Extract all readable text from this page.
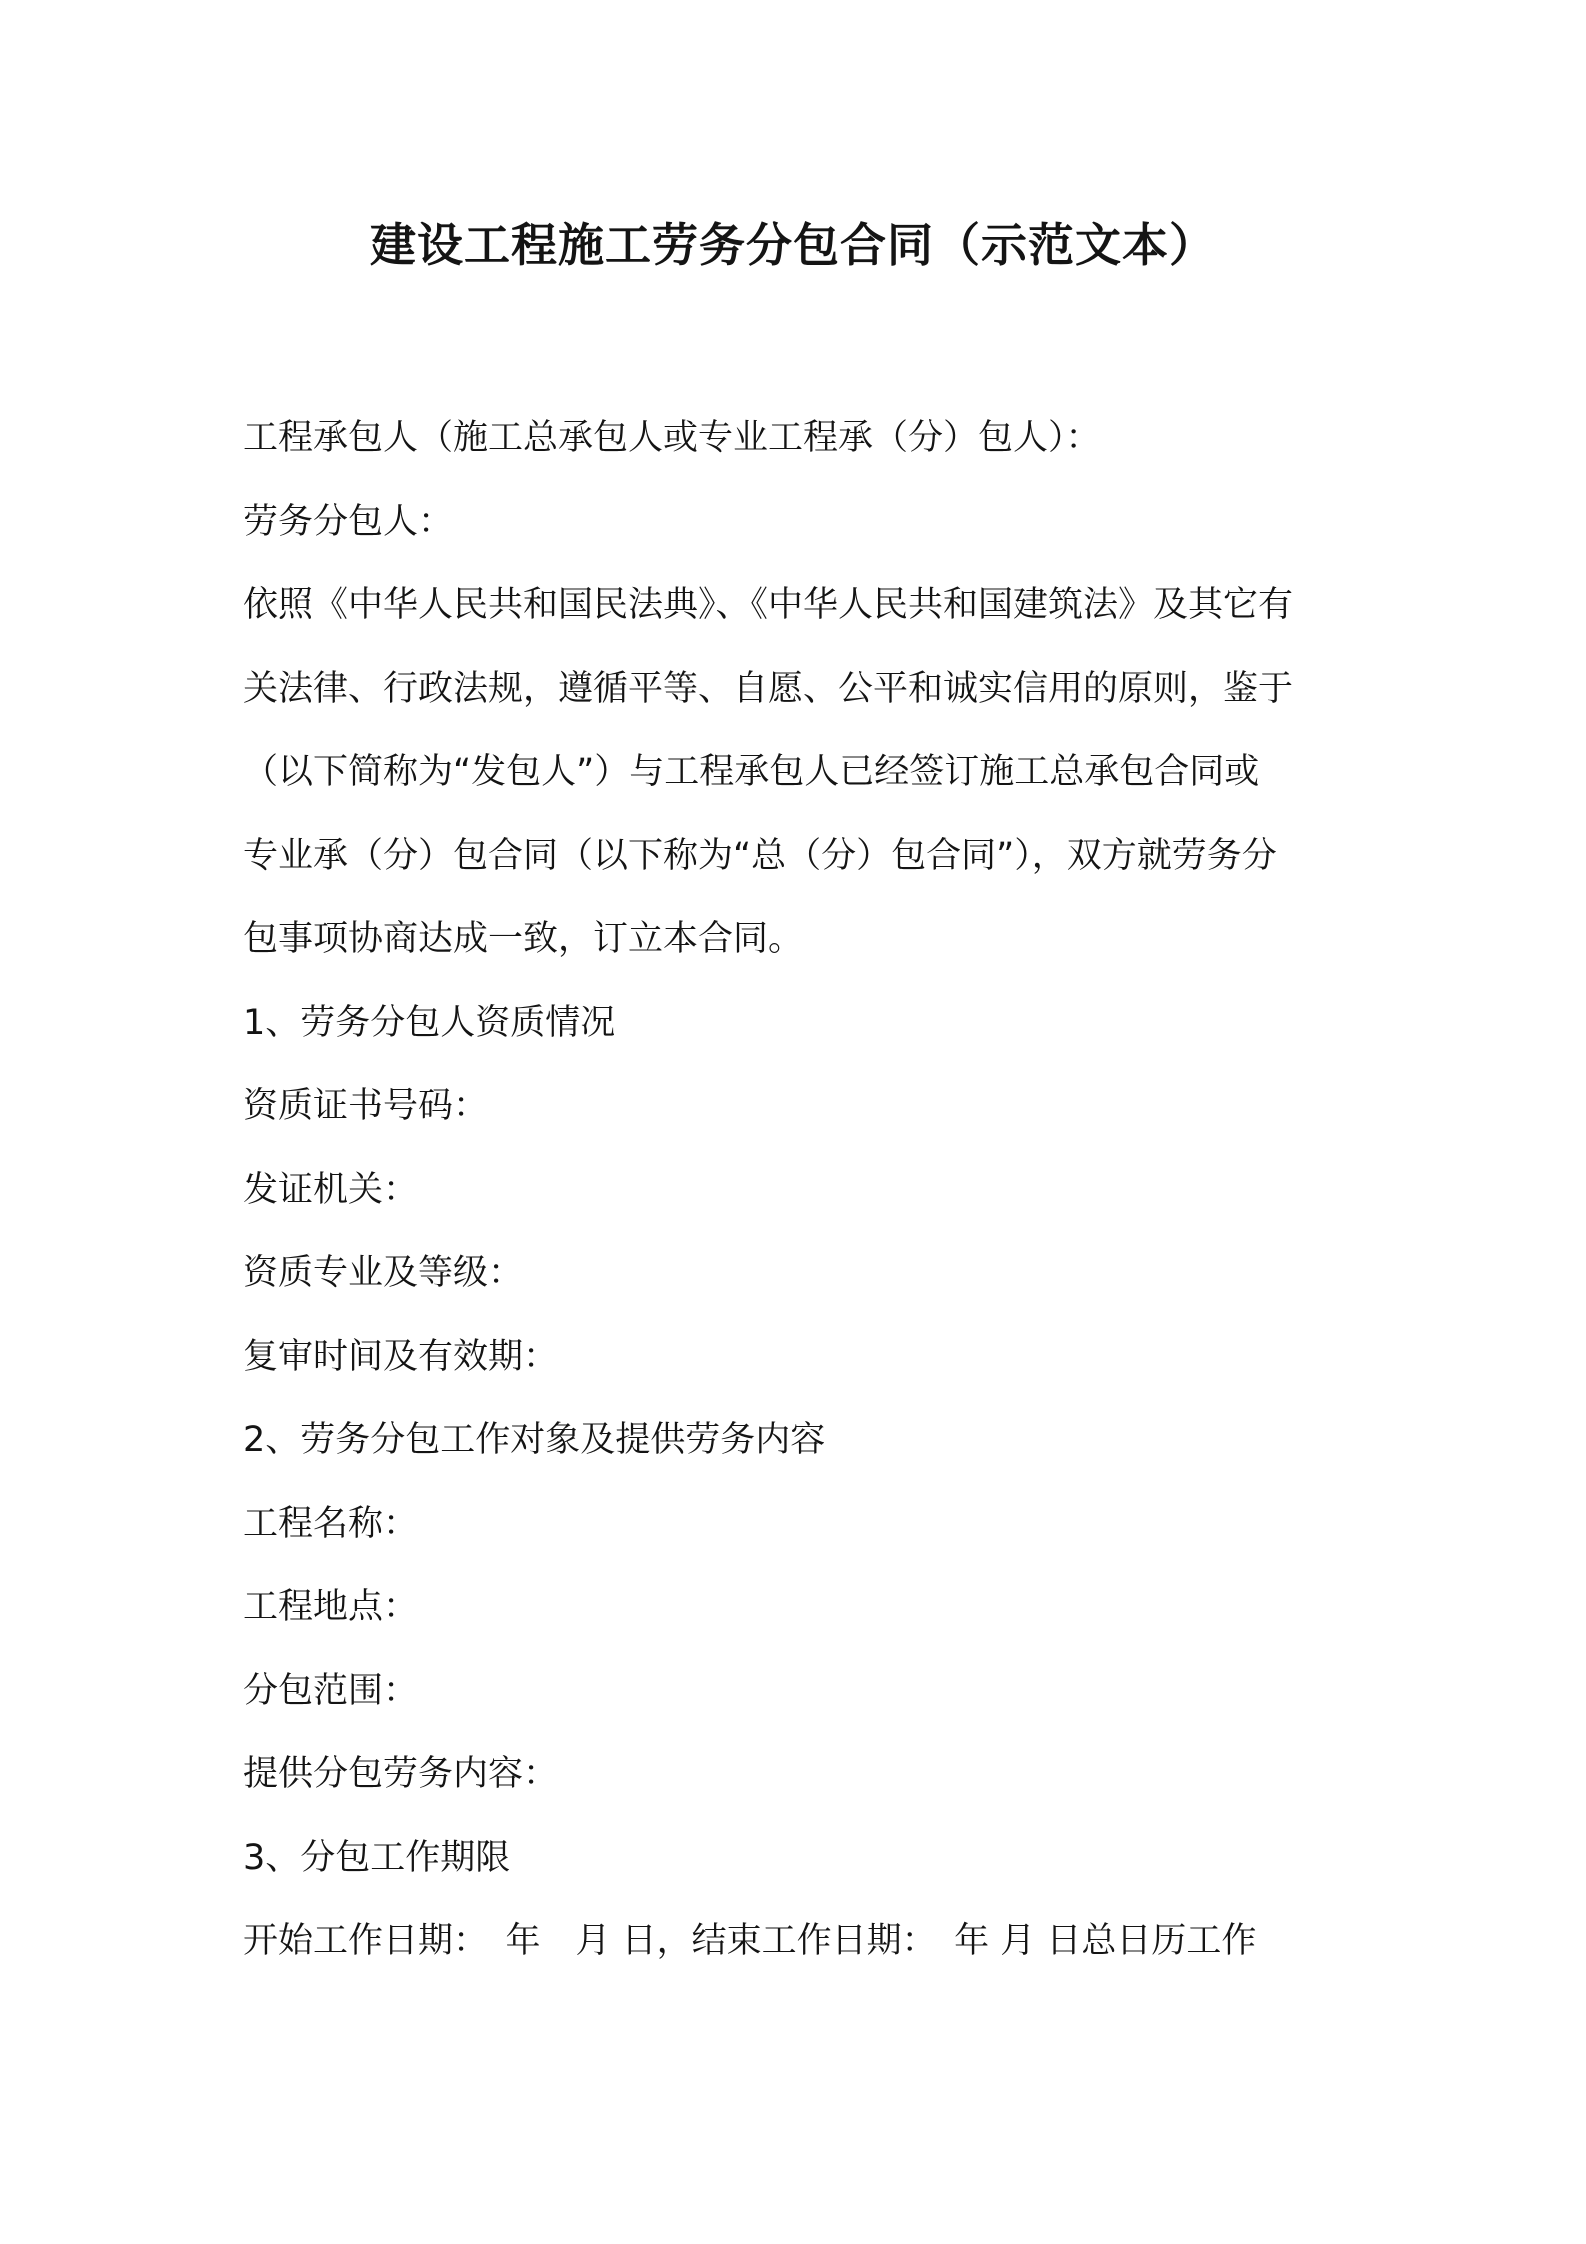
建设工程施工劳务分包合同（示范文本）

工程承包人（施工总承包人或专业工程承（分）包人）：

劳务分包人：

依照《中华人民共和国民法典》、《中华人民共和国建筑法》及其它有

关法律、行政法规，遵循平等、自愿、公平和诚实信用的原则，鉴于

（以下简称为“发包人”）与工程承包人已经签订施工总承包合同或

专业承（分）包合同（以下称为“总（分）包合同”），双方就劳务分

包事项协商达成一致，订立本合同。

1、劳务分包人资质情况

资质证书号码：

发证机关：

资质专业及等级：

复审时间及有效期：

2、劳务分包工作对象及提供劳务内容

工程名称：

工程地点：

分包范围：

提供分包劳务内容：

3、分包工作期限

开始工作日期：　年　月 日，结束工作日期：　年 月 日总日历工作
